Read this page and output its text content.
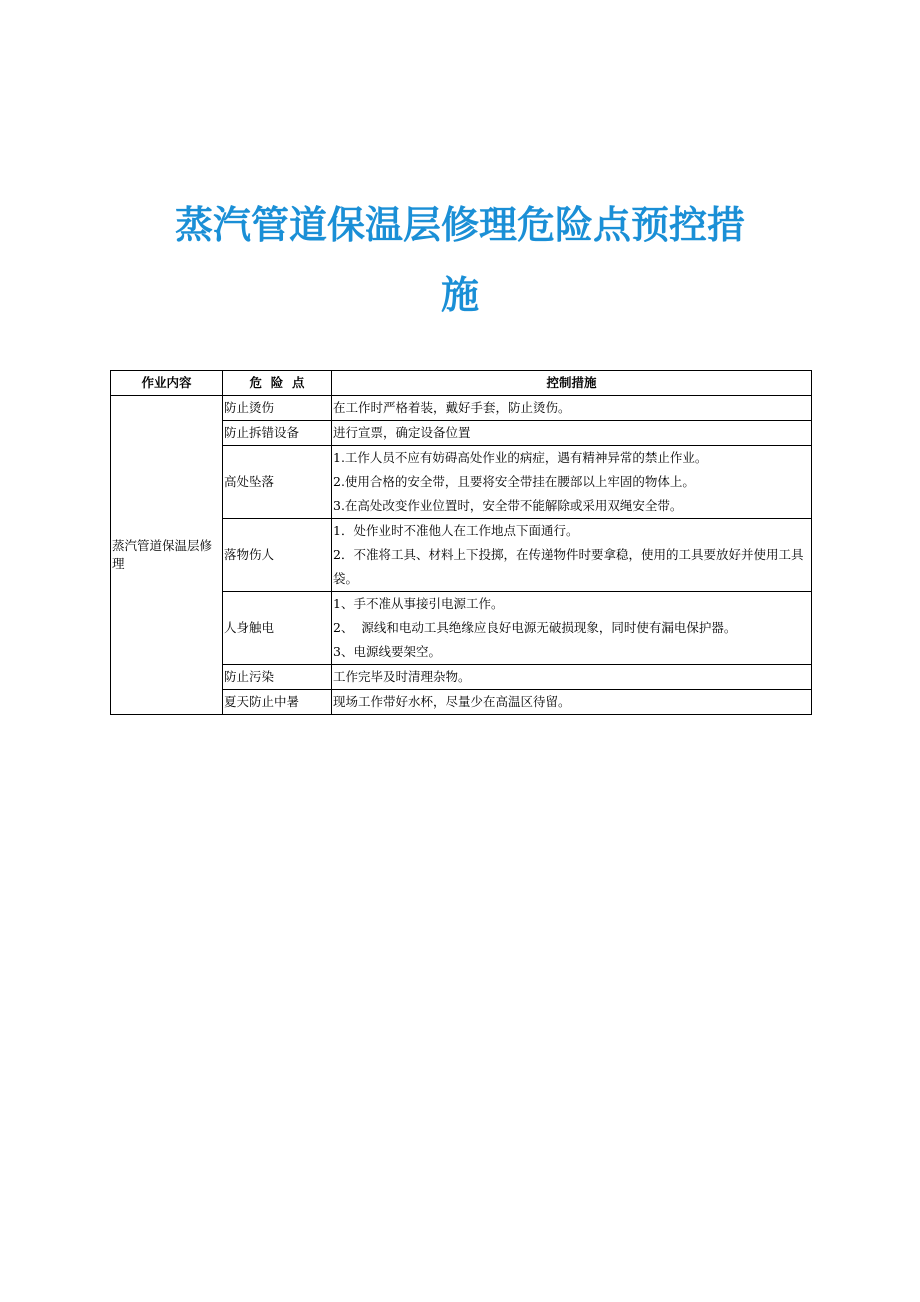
蒸汽管道保温层修理危险点预控措
施
作业内容	危  险  点	控制措施
蒸汽管道保温层修理	防止烫伤	在工作时严格着装，戴好手套，防止烫伤。

	防止拆错设备	进行宣票，确定设备位置

	高处坠落	1.工作人员不应有妨碍高处作业的病症，遇有精神异常的禁止作业。
2.使用合格的安全带，且要将安全带挂在腰部以上牢固的物体上。
3.在高处改变作业位置时，安全带不能解除或采用双绳安全带。

	落物伤人	1．处作业时不准他人在工作地点下面通行。
2．不准将工具、材料上下投掷，在传递物件时要拿稳，使用的工具要放好并使用工具袋。

	人身触电	1、手不准从事接引电源工作。
2、  源线和电动工具绝缘应良好电源无破损现象，同时使有漏电保护器。
3、电源线要架空。

	防止污染	工作完毕及时清理杂物。

	夏天防止中暑	现场工作带好水杯，尽量少在高温区待留。
